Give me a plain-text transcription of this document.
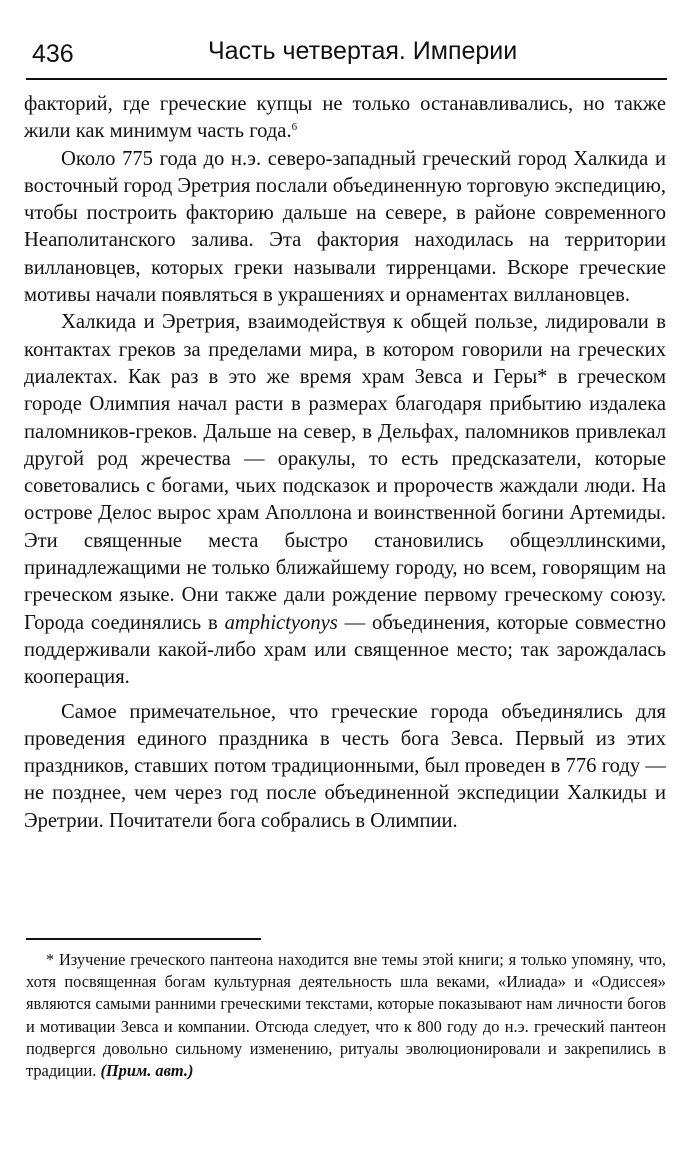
436	Часть четвертая. Империи

факторий, где греческие купцы не только останавливались, но также жили как минимум часть года.$^6$

Около 775 года до н.э. северо-западный греческий город Халкида и восточный город Эретрия послали объединенную торговую экспедицию, чтобы построить факторию дальше на севере, в районе современного Неаполитанского залива. Эта фактория находилась на территории виллановцев, которых греки называли тирренцами. Вскоре греческие мотивы начали появляться в украшениях и орнаментах виллановцев.

Халкида и Эретрия, взаимодействуя к общей пользе, лидировали в контактах греков за пределами мира, в котором говорили на греческих диалектах. Как раз в это же время храм Зевса и Геры* в греческом городе Олимпия начал расти в размерах благодаря прибытию издалека паломников-греков. Дальше на север, в Дельфах, паломников привлекал другой род жречества — оракулы, то есть предсказатели, которые советовались с богами, чьих подсказок и пророчеств жаждали люди. На острове Делос вырос храм Аполлона и воинственной богини Артемиды. Эти священные места быстро становились общеэллинскими, принадлежащими не только ближайшему городу, но всем, говорящим на греческом языке. Они также дали рождение первому греческому союзу. Города соединялись в amphictyonys — объединения, которые совместно поддерживали какой-либо храм или священное место; так зарождалась кооперация.

Самое примечательное, что греческие города объединялись для проведения единого праздника в честь бога Зевса. Первый из этих праздников, ставших потом традиционными, был проведен в 776 году — не позднее, чем через год после объединенной экспедиции Халкиды и Эретрии. Почитатели бога собрались в Олимпии.

* Изучение греческого пантеона находится вне темы этой книги; я только упомяну, что, хотя посвященная богам культурная деятельность шла веками, «Илиада» и «Одиссея» являются самыми ранними греческими текстами, которые показывают нам личности богов и мотивации Зевса и компании. Отсюда следует, что к 800 году до н.э. греческий пантеон подвергся довольно сильному изменению, ритуалы эволюционировали и закрепились в традиции. (Прим. авт.)
